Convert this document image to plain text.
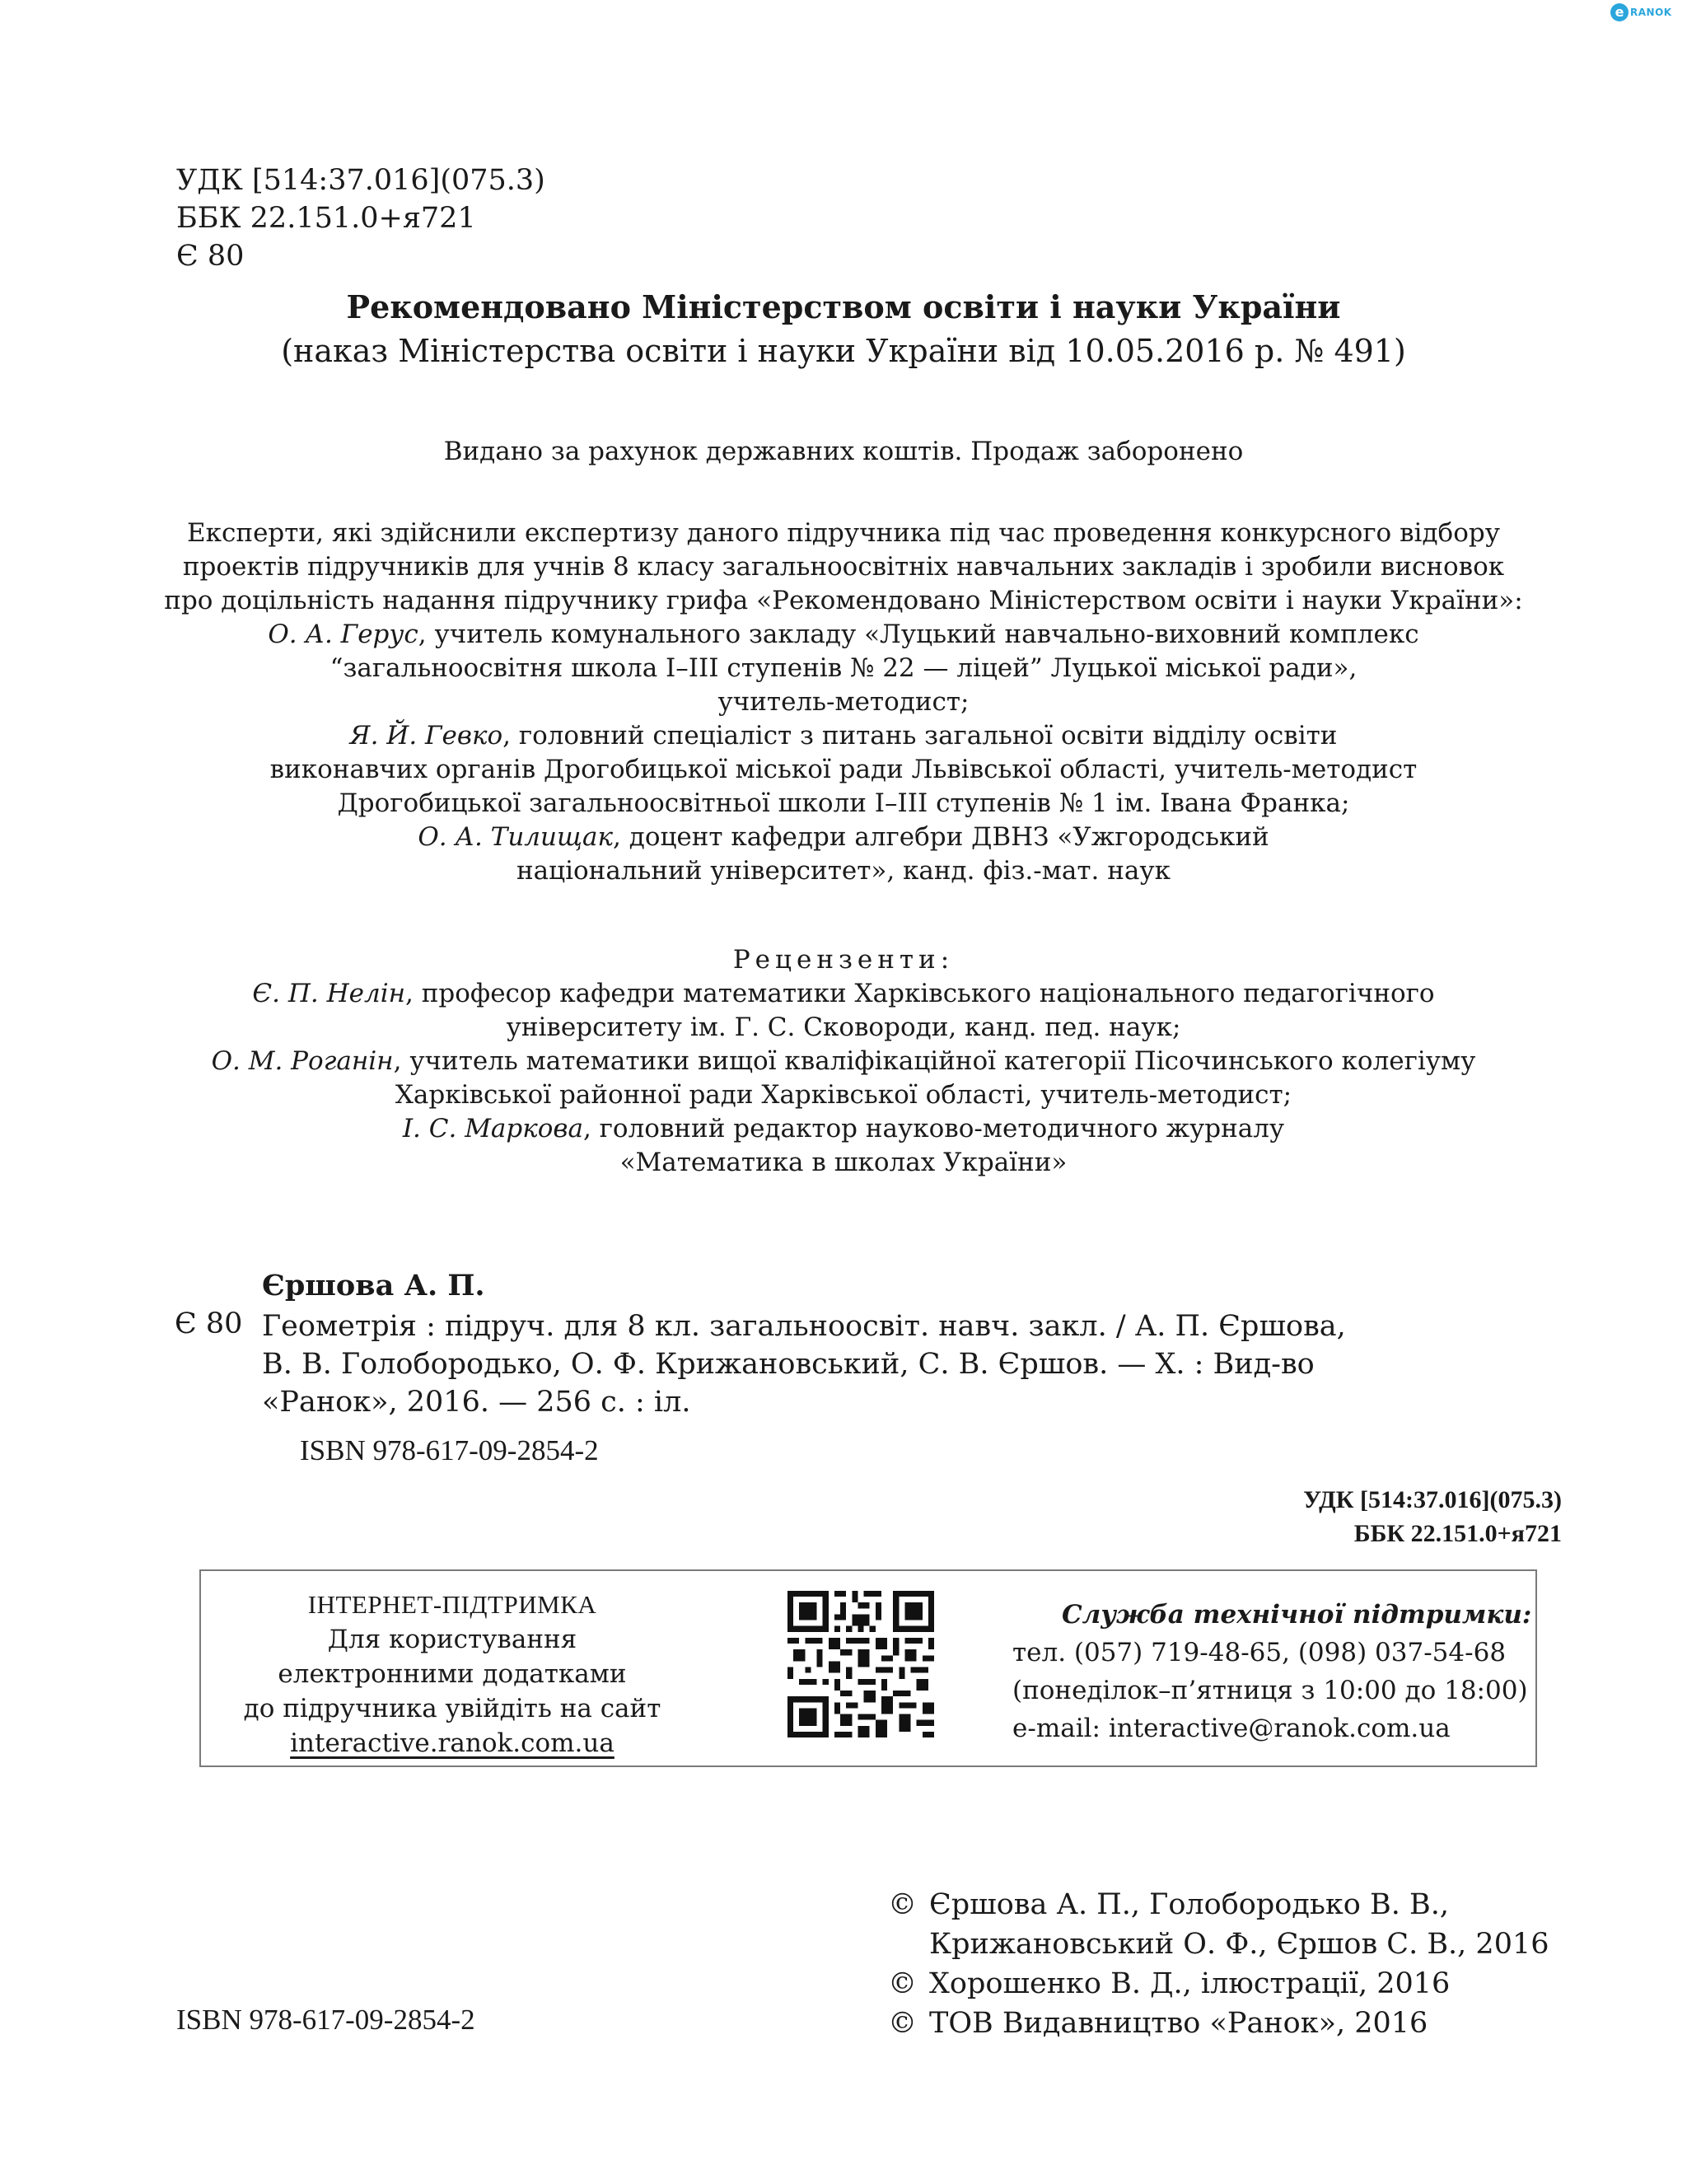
e RANOK
УДК [514:37.016](075.3)
ББК 22.151.0+я721
Є 80
Рекомендовано Міністерством освіти і науки України
(наказ Міністерства освіти і науки України від 10.05.2016 р. № 491)
Видано за рахунок державних коштів. Продаж заборонено
Експерти, які здійснили експертизу даного підручника під час проведення конкурсного відбору
проектів підручників для учнів 8 класу загальноосвітніх навчальних закладів і зробили висновок
про доцільність надання підручнику грифа «Рекомендовано Міністерством освіти і науки України»:
О. А. Герус, учитель комунального закладу «Луцький навчально-виховний комплекс
“загальноосвітня школа І–ІІІ ступенів № 22 — ліцей” Луцької міської ради»,
учитель-методист;
Я. Й. Гевко, головний спеціаліст з питань загальної освіти відділу освіти
виконавчих органів Дрогобицької міської ради Львівської області, учитель-методист
Дрогобицької загальноосвітньої школи І–ІІІ ступенів № 1 ім. Івана Франка;
О. А. Тилищак, доцент кафедри алгебри ДВНЗ «Ужгородський
національний університет», канд. фіз.-мат. наук
Рецензенти:
Є. П. Нелін, професор кафедри математики Харківського національного педагогічного
університету ім. Г. С. Сковороди, канд. пед. наук;
О. М. Роганін, учитель математики вищої кваліфікаційної категорії Пісочинського колегіуму
Харківської районної ради Харківської області, учитель-методист;
І. С. Маркова, головний редактор науково-методичного журналу
«Математика в школах України»
Єршова А. П.
Є 80 Геометрія : підруч. для 8 кл. загальноосвіт. навч. закл. / А. П. Єршова,
В. В. Голобородько, О. Ф. Крижановський, С. В. Єршов. — Х. : Вид-во
«Ранок», 2016. — 256 с. : іл.
ISBN 978-617-09-2854-2
УДК [514:37.016](075.3)
ББК 22.151.0+я721
ІНТЕРНЕТ-ПІДТРИМКА
Для користування
електронними додатками
до підручника увійдіть на сайт
interactive.ranok.com.ua
Служба технічної підтримки:
тел. (057) 719-48-65, (098) 037-54-68
(понеділок–п’ятниця з 10:00 до 18:00)
e-mail: interactive@ranok.com.ua
© Єршова А. П., Голобородько В. В.,
Крижановський О. Ф., Єршов С. В., 2016
© Хорошенко В. Д., ілюстрації, 2016
© ТОВ Видавництво «Ранок», 2016
ISBN 978-617-09-2854-2
